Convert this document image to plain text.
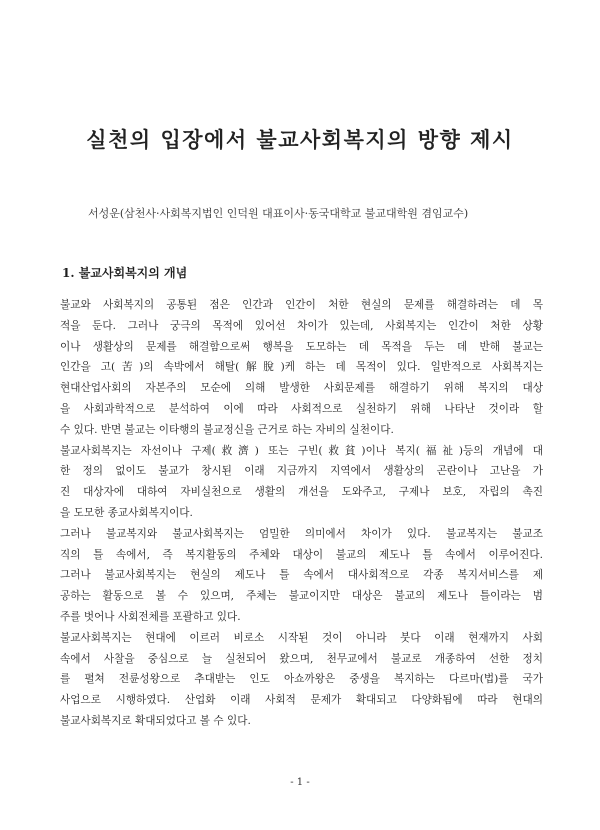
실천의 입장에서 불교사회복지의 방향 제시
서성운(삼천사·사회복지법인 인덕원 대표이사·동국대학교 불교대학원 겸임교수)
1. 불교사회복지의 개념
불교와 사회복지의 공통된 점은 인간과 인간이 처한 현실의 문제를 해결하려는 데 목
적을 둔다. 그러나 궁극의 목적에 있어선 차이가 있는데, 사회복지는 인간이 처한 상황
이나 생활상의 문제를 해결함으로써 행복을 도모하는 데 목적을 두는 데 반해 불교는
인간을 고(苦)의 속박에서 해탈(解脫)케 하는 데 목적이 있다. 일반적으로 사회복지는
현대산업사회의 자본주의 모순에 의해 발생한 사회문제를 해결하기 위해 복지의 대상
을 사회과학적으로 분석하여 이에 따라 사회적으로 실천하기 위해 나타난 것이라 할
수 있다. 반면 불교는 이타행의 불교정신을 근거로 하는 자비의 실천이다.
불교사회복지는 자선이나 구제(救濟) 또는 구빈(救貧)이나 복지(福祉)등의 개념에 대
한 정의 없이도 불교가 창시된 이래 지금까지 지역에서 생활상의 곤란이나 고난을 가
진 대상자에 대하여 자비실천으로 생활의 개선을 도와주고, 구제나 보호, 자립의 촉진
을 도모한 종교사회복지이다.
그러나 불교복지와 불교사회복지는 엄밀한 의미에서 차이가 있다. 불교복지는 불교조
직의 틀 속에서, 즉 복지활동의 주체와 대상이 불교의 제도나 틀 속에서 이루어진다.
그러나 불교사회복지는 현실의 제도나 틀 속에서 대사회적으로 각종 복지서비스를 제
공하는 활동으로 볼 수 있으며, 주체는 불교이지만 대상은 불교의 제도나 틀이라는 범
주를 벗어나 사회전체를 포괄하고 있다.
불교사회복지는 현대에 이르러 비로소 시작된 것이 아니라 붓다 이래 현재까지 사회
속에서 사찰을 중심으로 늘 실천되어 왔으며, 천무교에서 불교로 개종하여 선한 정치
를 펼쳐 전륜성왕으로 추대받는 인도 아쇼까왕은 중생을 복지하는 다르마(법)를 국가
사업으로 시행하였다. 산업화 이래 사회적 문제가 확대되고 다양화됨에 따라 현대의
불교사회복지로 확대되었다고 볼 수 있다.
- 1 -
